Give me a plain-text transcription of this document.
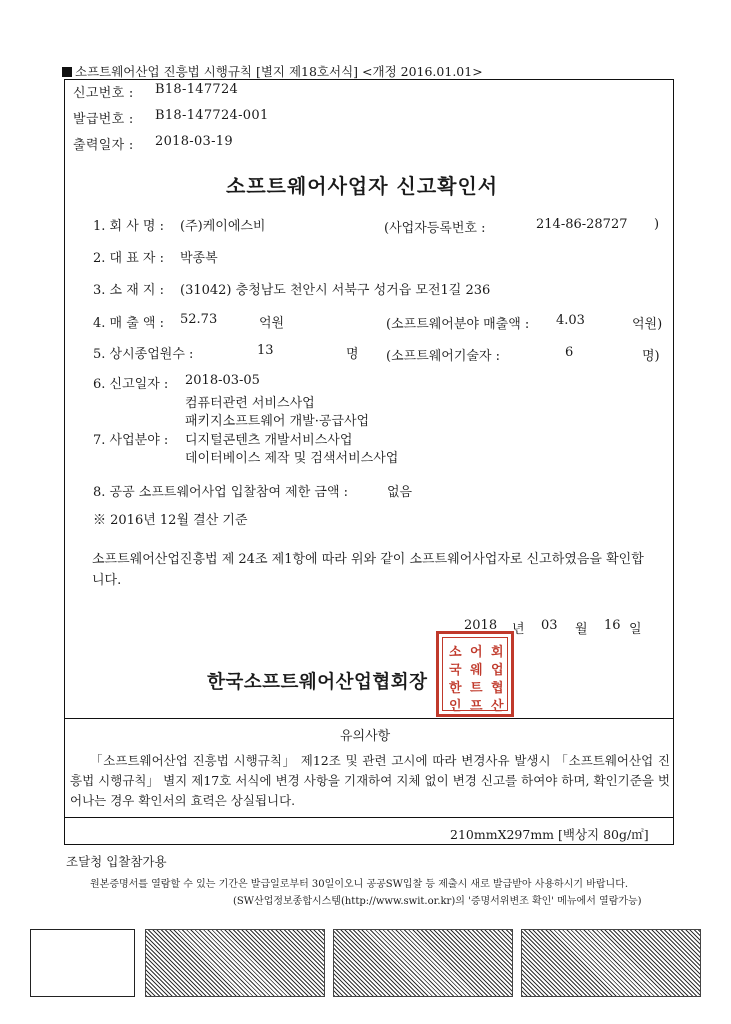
소프트웨어산업 진흥법 시행규칙 [별지 제18호서식] <개정 2016.01.01>
신고번호 : B18-147724
발급번호 : B18-147724-001
출력일자 : 2018-03-19
소프트웨어사업자 신고확인서
1. 회 사 명 : (주)케이에스비	(사업자등록번호 :	214-86-28727 )
2. 대 표 자 : 박종복
3. 소 재 지 : (31042) 충청남도 천안시 서북구 성거읍 모전1길 236
4. 매 출 액 : 52.73	억원	(소프트웨어분야 매출액 : 4.03	억원)
5. 상시종업원수 :	13	명 (소프트웨어기술자 :	6	명)
6. 신고일자 : 2018-03-05
컴퓨터관련 서비스사업
패키지소프트웨어 개발·공급사업
7. 사업분야 : 디지털콘텐츠 개발서비스사업
데이터베이스 제작 및 검색서비스사업
8. 공공 소프트웨어사업 입찰참여 제한 금액 :	없음
※ 2016년 12월 결산 기준
소프트웨어산업진흥법 제 24조 제1항에 따라 위와 같이 소프트웨어사업자로 신고하였음을 확인합니다.
2018 년 03 월 16 일
한국소프트웨어산업협회장
회
업
협
산
어
웨
트
프
소
국
한
인
유의사항
「소프트웨어산업 진흥법 시행규칙」 제12조 및 관련 고시에 따라 변경사유 발생시 「소프트웨어산업 진흥법 시행규칙」 별지 제17호 서식에 변경 사항을 기재하여 지체 없이 변경 신고를 하여야 하며, 확인기준을 벗어나는 경우 확인서의 효력은 상실됩니다.
210mmX297mm [백상지 80g/㎡]
조달청 입찰참가용
원본증명서를 열람할 수 있는 기간은 발급일로부터 30일이오니 공공SW입찰 등 제출시 새로 발급받아 사용하시기 바랍니다.
(SW산업정보종합시스템(http://www.swit.or.kr)의 '증명서위변조 확인' 메뉴에서 열람가능)
